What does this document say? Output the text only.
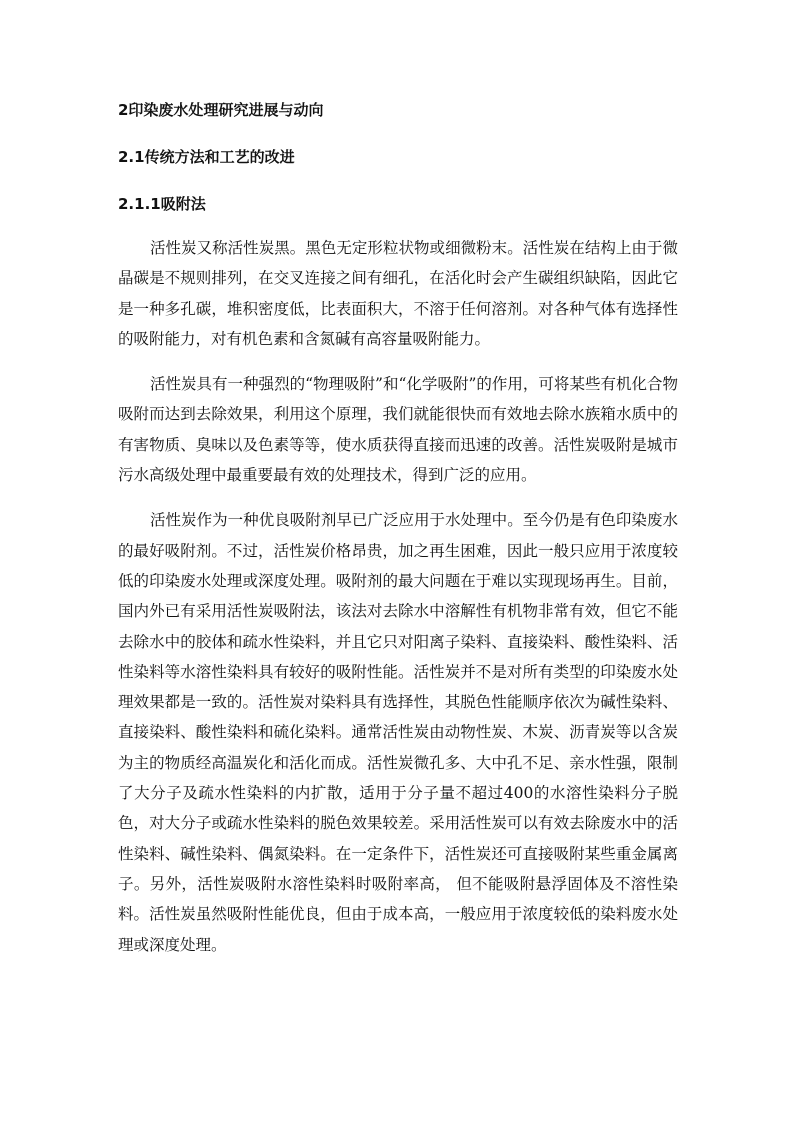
2印染废水处理研究进展与动向
2.1传统方法和工艺的改进
2.1.1吸附法

活性炭又称活性炭黑。黑色无定形粒状物或细微粉末。活性炭在结构上由于微晶碳是不规则排列，在交叉连接之间有细孔，在活化时会产生碳组织缺陷，因此它是一种多孔碳，堆积密度低，比表面积大，不溶于任何溶剂。对各种气体有选择性的吸附能力，对有机色素和含氮碱有高容量吸附能力。

活性炭具有一种强烈的“物理吸附”和“化学吸附”的作用，可将某些有机化合物吸附而达到去除效果，利用这个原理，我们就能很快而有效地去除水族箱水质中的有害物质、臭味以及色素等等，使水质获得直接而迅速的改善。活性炭吸附是城市污水高级处理中最重要最有效的处理技术，得到广泛的应用。

活性炭作为一种优良吸附剂早已广泛应用于水处理中。至今仍是有色印染废水的最好吸附剂。不过，活性炭价格昂贵，加之再生困难，因此一般只应用于浓度较低的印染废水处理或深度处理。吸附剂的最大问题在于难以实现现场再生。目前，国内外已有采用活性炭吸附法，该法对去除水中溶解性有机物非常有效，但它不能去除水中的胶体和疏水性染料，并且它只对阳离子染料、直接染料、酸性染料、活性染料等水溶性染料具有较好的吸附性能。活性炭并不是对所有类型的印染废水处理效果都是一致的。活性炭对染料具有选择性，其脱色性能顺序依次为碱性染料、直接染料、酸性染料和硫化染料。通常活性炭由动物性炭、木炭、沥青炭等以含炭为主的物质经高温炭化和活化而成。活性炭微孔多、大中孔不足、亲水性强，限制了大分子及疏水性染料的内扩散，适用于分子量不超过400的水溶性染料分子脱色，对大分子或疏水性染料的脱色效果较差。采用活性炭可以有效去除废水中的活性染料、碱性染料、偶氮染料。在一定条件下，活性炭还可直接吸附某些重金属离子。另外，活性炭吸附水溶性染料时吸附率高， 但不能吸附悬浮固体及不溶性染料。活性炭虽然吸附性能优良，但由于成本高，一般应用于浓度较低的染料废水处理或深度处理。
